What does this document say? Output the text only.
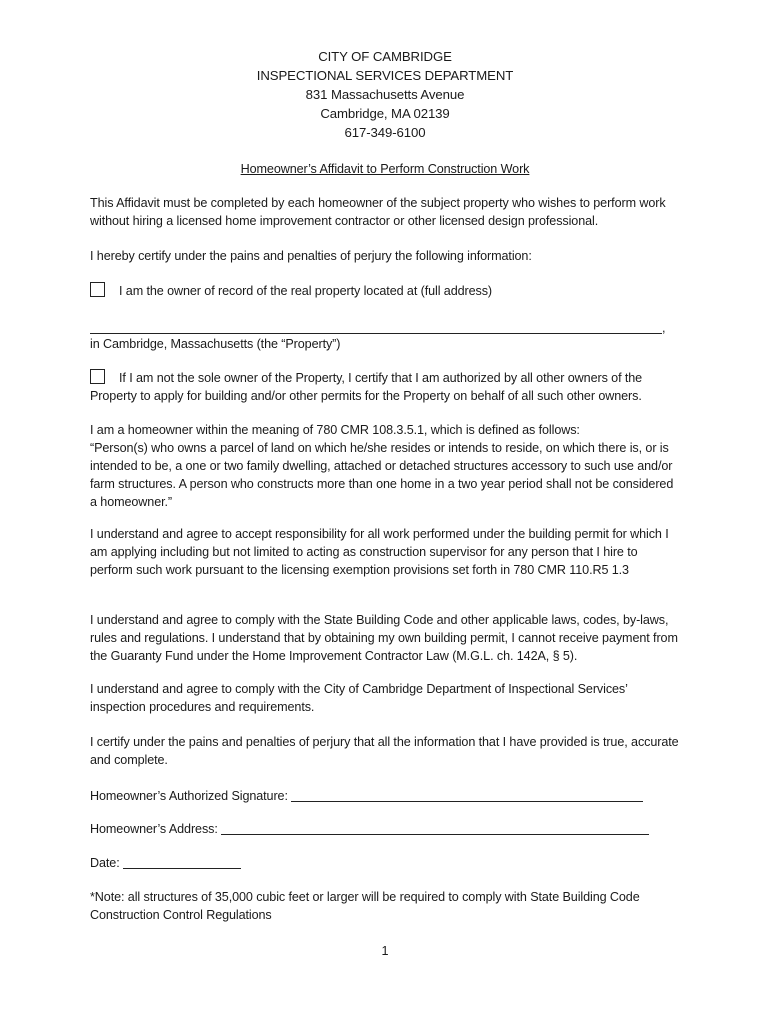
CITY OF CAMBRIDGE
INSPECTIONAL SERVICES DEPARTMENT
831 Massachusetts Avenue
Cambridge, MA 02139
617-349-6100
Homeowner’s Affidavit to Perform Construction Work
This Affidavit must be completed by each homeowner of the subject property who wishes to perform work without hiring a licensed home improvement contractor or other licensed design professional.
I hereby certify under the pains and penalties of perjury the following information:
I am the owner of record of the real property located at (full address)
,
in Cambridge, Massachusetts (the “Property”)
If I am not the sole owner of the Property, I certify that I am authorized by all other owners of the Property to apply for building and/or other permits for the Property on behalf of all such other owners.
I am a homeowner within the meaning of 780 CMR 108.3.5.1, which is defined as follows:
“Person(s) who owns a parcel of land on which he/she resides or intends to reside, on which there is, or is intended to be, a one or two family dwelling, attached or detached structures accessory to such use and/or farm structures. A person who constructs more than one home in a two year period shall not be considered a homeowner.”
I understand and agree to accept responsibility for all work performed under the building permit for which I am applying including but not limited to acting as construction supervisor for any person that I hire to perform such work pursuant to the licensing exemption provisions set forth in 780 CMR 110.R5 1.3
I understand and agree to comply with the State Building Code and other applicable laws, codes, by-laws, rules and regulations. I understand that by obtaining my own building permit, I cannot receive payment from the Guaranty Fund under the Home Improvement Contractor Law (M.G.L. ch. 142A, § 5).
I understand and agree to comply with the City of Cambridge Department of Inspectional Services’ inspection procedures and requirements.
I certify under the pains and penalties of perjury that all the information that I have provided is true, accurate and complete.
Homeowner’s Authorized Signature:
Homeowner’s Address:
Date:
*Note: all structures of 35,000 cubic feet or larger will be required to comply with State Building Code Construction Control Regulations
1
